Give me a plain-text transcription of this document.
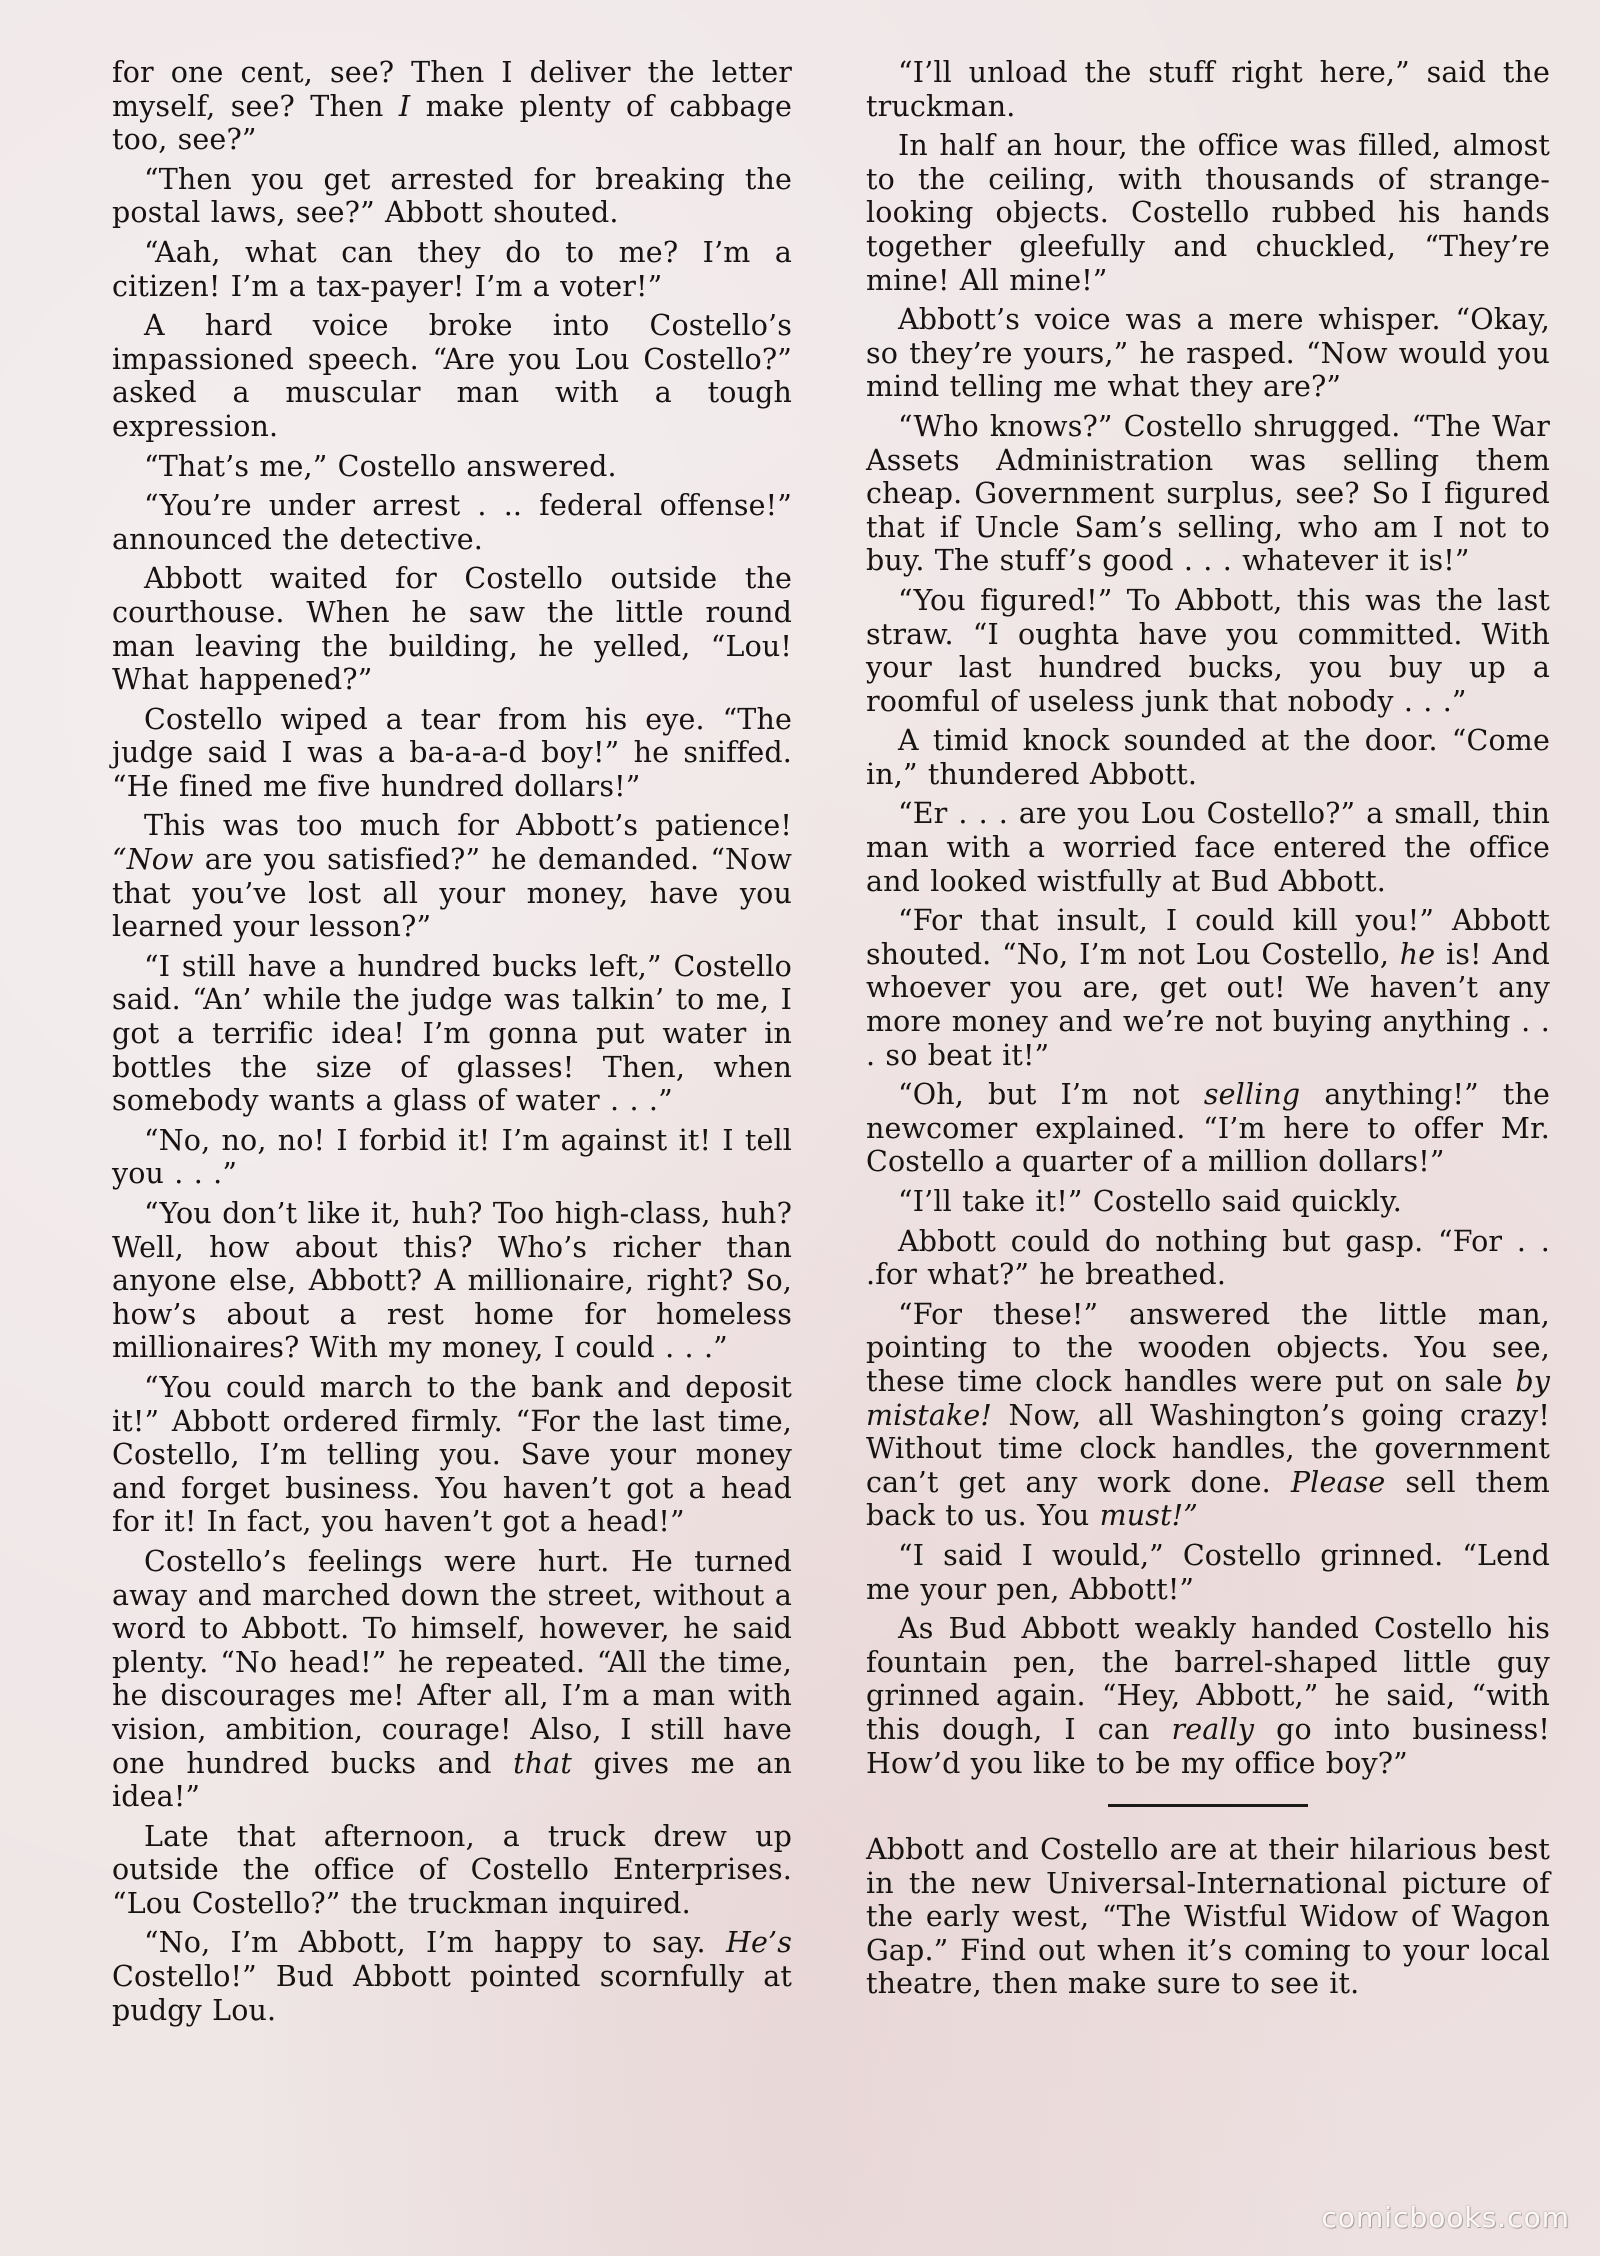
for one cent, see? Then I deliver the letter myself, see? Then I make plenty of cabbage too, see?”

“Then you get arrested for breaking the postal laws, see?” Abbott shouted.

“Aah, what can they do to me? I’m a citizen! I’m a tax-payer! I’m a voter!”

A hard voice broke into Costello’s impassioned speech. “Are you Lou Costello?” asked a muscular man with a tough expression.

“That’s me,” Costello answered.

“You’re under arrest . .. federal offense!” announced the detective.

Abbott waited for Costello outside the courthouse. When he saw the little round man leaving the building, he yelled, “Lou! What happened?”

Costello wiped a tear from his eye. “The judge said I was a ba-a-a-d boy!” he sniffed. “He fined me five hundred dollars!”

This was too much for Abbott’s patience! “Now are you satisfied?” he demanded. “Now that you’ve lost all your money, have you learned your lesson?”

“I still have a hundred bucks left,” Costello said. “An’ while the judge was talkin’ to me, I got a terrific idea! I’m gonna put water in bottles the size of glasses! Then, when somebody wants a glass of water . . .”

“No, no, no! I forbid it! I’m against it! I tell you . . .”

“You don’t like it, huh? Too high-class, huh? Well, how about this? Who’s richer than anyone else, Abbott? A millionaire, right? So, how’s about a rest home for homeless millionaires? With my money, I could . . .”

“You could march to the bank and deposit it!” Abbott ordered firmly. “For the last time, Costello, I’m telling you. Save your money and forget business. You haven’t got a head for it! In fact, you haven’t got a head!”

Costello’s feelings were hurt. He turned away and marched down the street, without a word to Abbott. To himself, however, he said plenty. “No head!” he repeated. “All the time, he discourages me! After all, I’m a man with vision, ambition, courage! Also, I still have one hundred bucks and that gives me an idea!”

Late that afternoon, a truck drew up outside the office of Costello Enterprises. “Lou Costello?” the truckman inquired.

“No, I’m Abbott, I’m happy to say. He’s Costello!” Bud Abbott pointed scornfully at pudgy Lou.

“I’ll unload the stuff right here,” said the truckman.

In half an hour, the office was filled, almost to the ceiling, with thousands of strange-looking objects. Costello rubbed his hands together gleefully and chuckled, “They’re mine! All mine!”

Abbott’s voice was a mere whisper. “Okay, so they’re yours,” he rasped. “Now would you mind telling me what they are?”

“Who knows?” Costello shrugged. “The War Assets Administration was selling them cheap. Government surplus, see? So I figured that if Uncle Sam’s selling, who am I not to buy. The stuff’s good . . . whatever it is!”

“You figured!” To Abbott, this was the last straw. “I oughta have you committed. With your last hundred bucks, you buy up a roomful of useless junk that nobody . . .”

A timid knock sounded at the door. “Come in,” thundered Abbott.

“Er . . . are you Lou Costello?” a small, thin man with a worried face entered the office and looked wistfully at Bud Abbott.

“For that insult, I could kill you!” Abbott shouted. “No, I’m not Lou Costello, he is! And whoever you are, get out! We haven’t any more money and we’re not buying anything . . . so beat it!”

“Oh, but I’m not selling anything!” the newcomer explained. “I’m here to offer Mr. Costello a quarter of a million dollars!”

“I’ll take it!” Costello said quickly.

Abbott could do nothing but gasp. “For . . .for what?” he breathed.

“For these!” answered the little man, pointing to the wooden objects. You see, these time clock handles were put on sale by mistake! Now, all Washington’s going crazy! Without time clock handles, the government can’t get any work done. Please sell them back to us. You must!”

“I said I would,” Costello grinned. “Lend me your pen, Abbott!”

As Bud Abbott weakly handed Costello his fountain pen, the barrel-shaped little guy grinned again. “Hey, Abbott,” he said, “with this dough, I can really go into business! How’d you like to be my office boy?”

Abbott and Costello are at their hilarious best in the new Universal-International picture of the early west, “The Wistful Widow of Wagon Gap.” Find out when it’s coming to your local theatre, then make sure to see it.

comicbooks.com
